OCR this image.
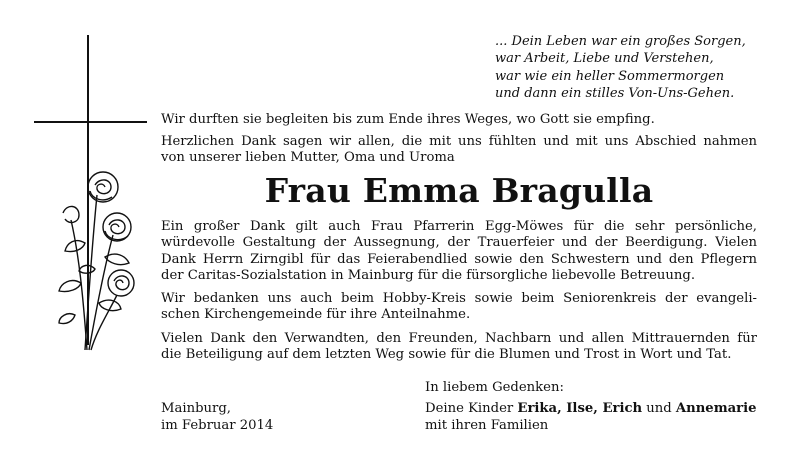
... Dein Leben war ein großes Sorgen,
war Arbeit, Liebe und Verstehen,
war wie ein heller Sommermorgen
und dann ein stilles Von-Uns-Gehen.
Wir durften sie begleiten bis zum Ende ihres Weges, wo Gott sie empfing.
Herzlichen Dank sagen wir allen, die mit uns fühlten und mit uns Abschied nahmen
von unserer lieben Mutter, Oma und Uroma
Frau Emma Bragulla
Ein großer Dank gilt auch Frau Pfarrerin Egg-Möwes für die sehr persönliche,
würdevolle Gestaltung der Aussegnung, der Trauerfeier und der Beerdigung. Vielen
Dank Herrn Zirngibl für das Feierabendlied sowie den Schwestern und den Pflegern
der Caritas-Sozialstation in Mainburg für die fürsorgliche liebevolle Betreuung.
Wir bedanken uns auch beim Hobby-Kreis sowie beim Seniorenkreis der evangeli-
schen Kirchengemeinde für ihre Anteilnahme.
Vielen Dank den Verwandten, den Freunden, Nachbarn und allen Mittrauernden für
die Beteiligung auf dem letzten Weg sowie für die Blumen und Trost in Wort und Tat.
In liebem Gedenken:
Deine Kinder Erika, Ilse, Erich und Annemarie
mit ihren Familien
Mainburg,
im Februar 2014
